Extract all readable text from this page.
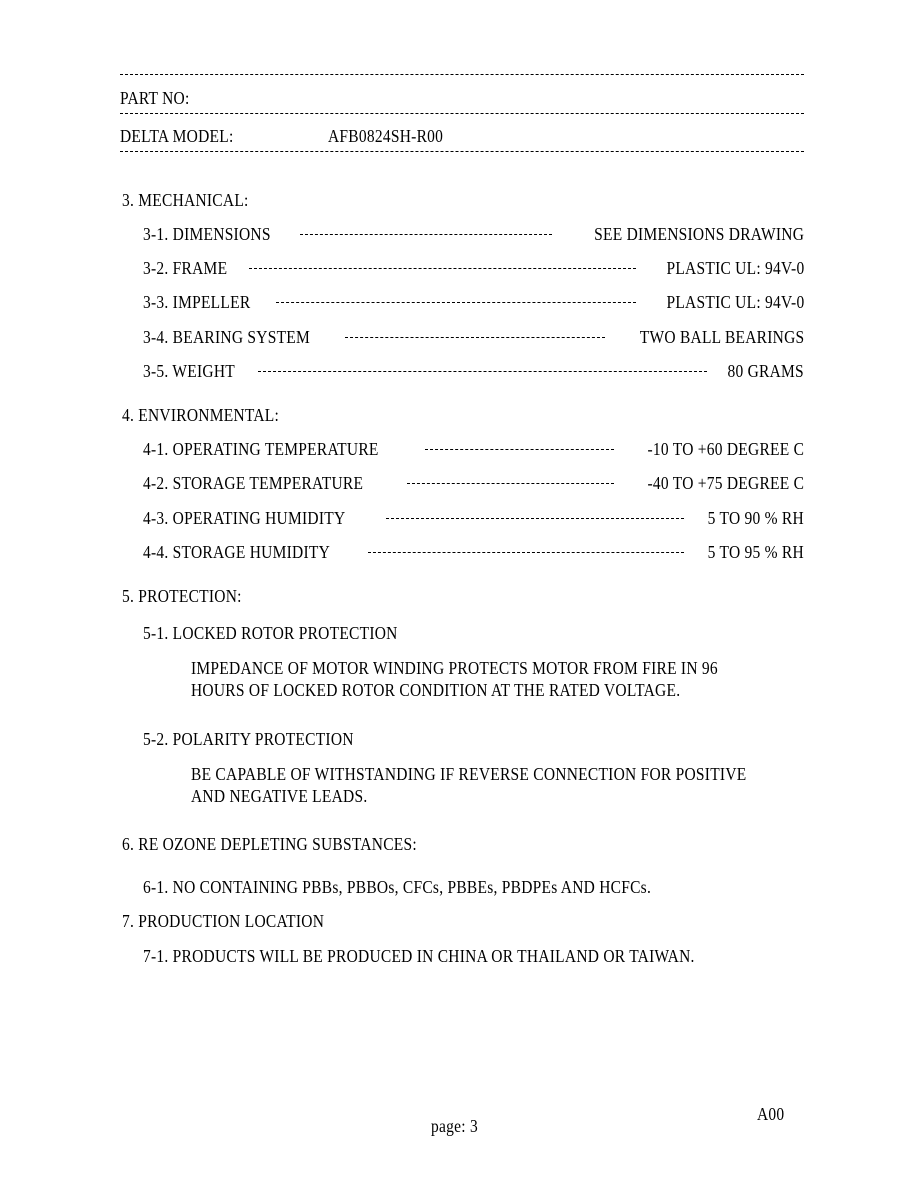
PART NO:
DELTA MODEL:	AFB0824SH-R00
3. MECHANICAL:
3-1. DIMENSIONS	SEE DIMENSIONS DRAWING
3-2. FRAME	PLASTIC UL: 94V-0
3-3. IMPELLER	PLASTIC UL: 94V-0
3-4. BEARING SYSTEM	TWO BALL BEARINGS
3-5. WEIGHT	80 GRAMS
4. ENVIRONMENTAL:
4-1. OPERATING TEMPERATURE	-10 TO +60 DEGREE C
4-2. STORAGE TEMPERATURE	-40 TO +75 DEGREE C
4-3. OPERATING HUMIDITY	5 TO 90 % RH
4-4. STORAGE HUMIDITY	5 TO 95 % RH
5. PROTECTION:
5-1. LOCKED ROTOR PROTECTION
IMPEDANCE OF MOTOR WINDING PROTECTS MOTOR FROM FIRE IN 96
HOURS OF LOCKED ROTOR CONDITION AT THE RATED VOLTAGE.
5-2. POLARITY PROTECTION
BE CAPABLE OF WITHSTANDING IF REVERSE CONNECTION FOR POSITIVE
AND NEGATIVE LEADS.
6. RE OZONE DEPLETING SUBSTANCES:
6-1. NO CONTAINING PBBs, PBBOs, CFCs, PBBEs, PBDPEs AND HCFCs.
7. PRODUCTION LOCATION
7-1. PRODUCTS WILL BE PRODUCED IN CHINA OR THAILAND OR TAIWAN.
page: 3
A00
